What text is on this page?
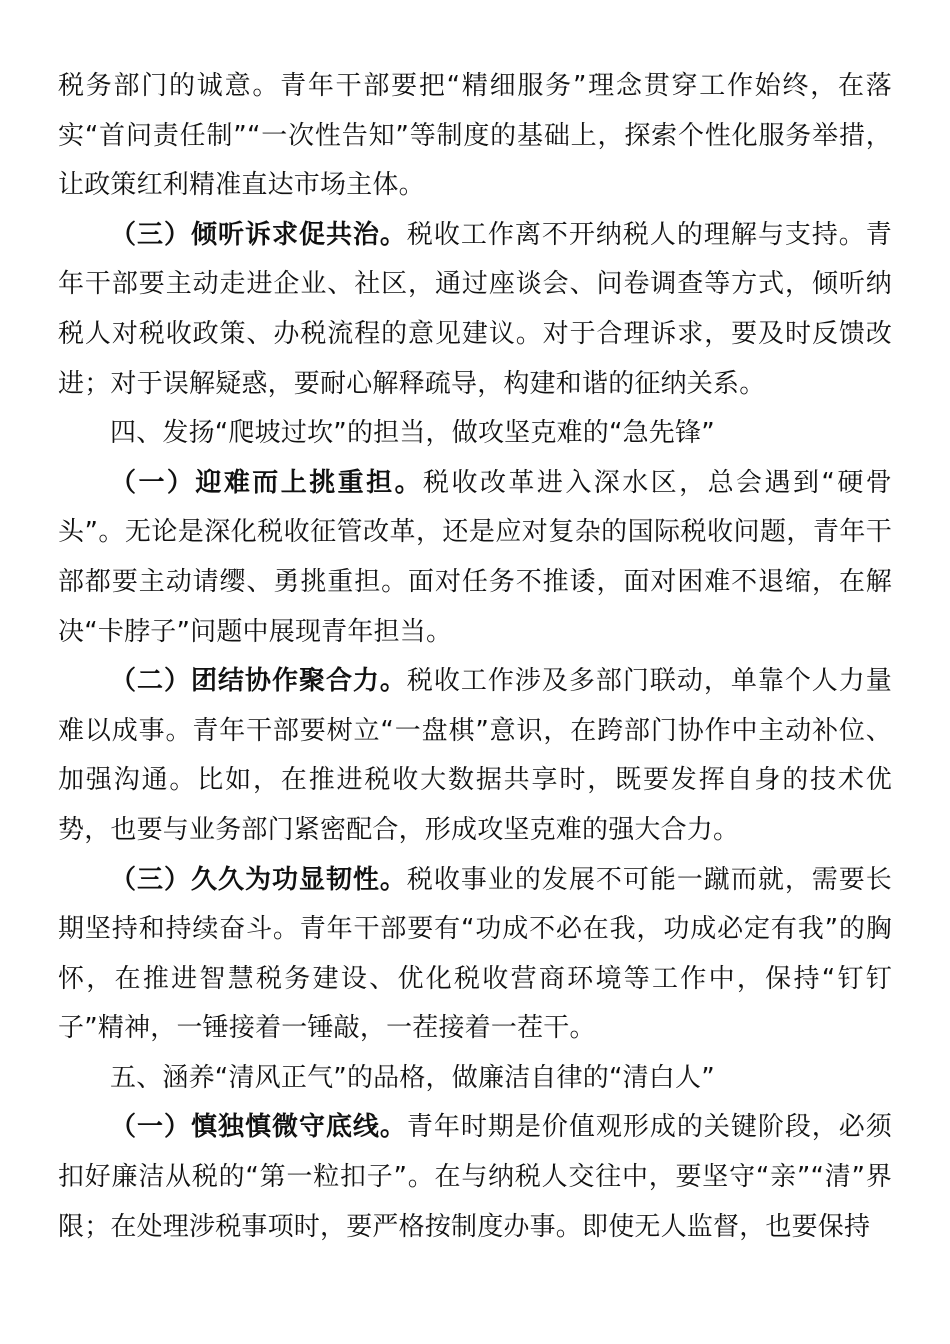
税务部门的诚意。青年干部要把“精细服务”理念贯穿工作始终，在落实“首问责任制”“一次性告知”等制度的基础上，探索个性化服务举措，让政策红利精准直达市场主体。

（三）倾听诉求促共治。税收工作离不开纳税人的理解与支持。青年干部要主动走进企业、社区，通过座谈会、问卷调查等方式，倾听纳税人对税收政策、办税流程的意见建议。对于合理诉求，要及时反馈改进；对于误解疑惑，要耐心解释疏导，构建和谐的征纳关系。

四、发扬“爬坡过坎”的担当，做攻坚克难的“急先锋”

（一）迎难而上挑重担。税收改革进入深水区，总会遇到“硬骨头”。无论是深化税收征管改革，还是应对复杂的国际税收问题，青年干部都要主动请缨、勇挑重担。面对任务不推诿，面对困难不退缩，在解决“卡脖子”问题中展现青年担当。

（二）团结协作聚合力。税收工作涉及多部门联动，单靠个人力量难以成事。青年干部要树立“一盘棋”意识，在跨部门协作中主动补位、加强沟通。比如，在推进税收大数据共享时，既要发挥自身的技术优势，也要与业务部门紧密配合，形成攻坚克难的强大合力。

（三）久久为功显韧性。税收事业的发展不可能一蹴而就，需要长期坚持和持续奋斗。青年干部要有“功成不必在我，功成必定有我”的胸怀，在推进智慧税务建设、优化税收营商环境等工作中，保持“钉钉子”精神，一锤接着一锤敲，一茬接着一茬干。

五、涵养“清风正气”的品格，做廉洁自律的“清白人”

（一）慎独慎微守底线。青年时期是价值观形成的关键阶段，必须扣好廉洁从税的“第一粒扣子”。在与纳税人交往中，要坚守“亲”“清”界限；在处理涉税事项时，要严格按制度办事。即使无人监督，也要保持
